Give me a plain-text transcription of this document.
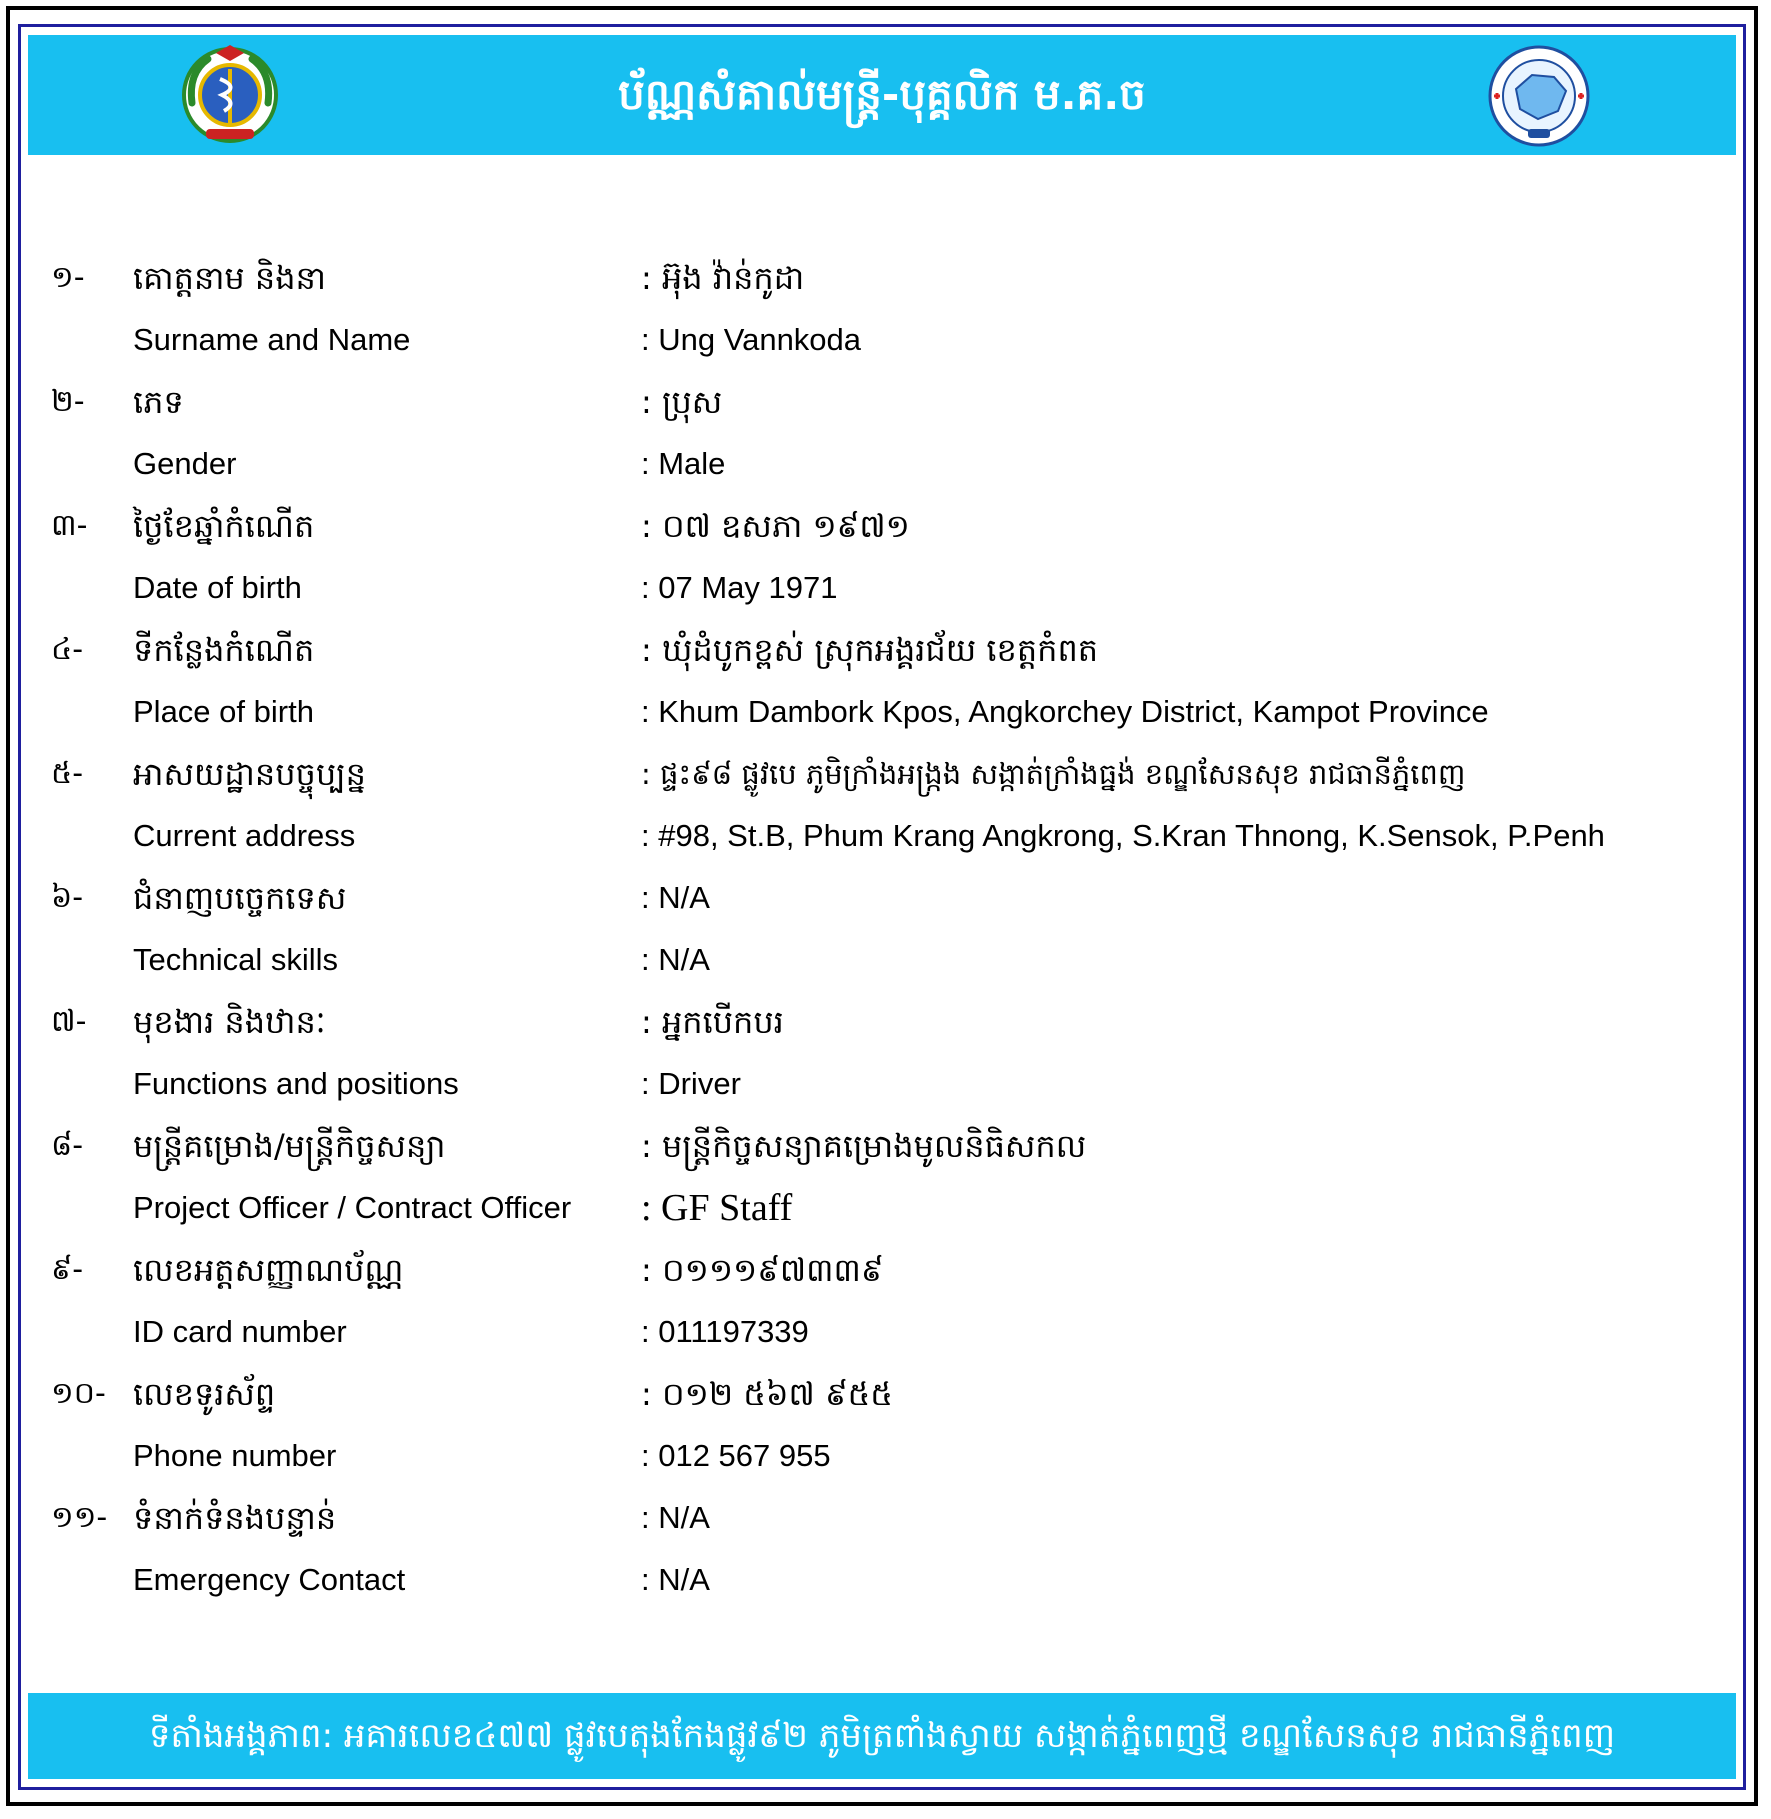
ប័ណ្ណសំគាល់មន្ត្រី-បុគ្គលិក ម.គ.ច
១- គោត្តនាម និងនា	: អ៊ុង វ៉ាន់កូដា
Surname and Name	: Ung Vannkoda
២- ភេទ	: ប្រុស
Gender	: Male
៣- ថ្ងៃខែឆ្នាំកំណើត	: ០៧ ឧសភា ១៩៧១
Date of birth	: 07 May 1971
៤- ទីកន្លែងកំណើត	: ឃុំដំបូកខ្ពស់ ស្រុកអង្គរជ័យ ខេត្តកំពត
Place of birth	: Khum Dambork Kpos, Angkorchey District, Kampot Province
៥- អាសយដ្ឋានបច្ចុប្បន្ន	: ផ្ទះ៩៨ ផ្លូវបេ ភូមិក្រាំងអង្រ្កង សង្កាត់ក្រាំងធ្នង់ ខណ្ឌសែនសុខ រាជធានីភ្នំពេញ
Current address	: #98, St.B, Phum Krang Angkrong, S.Kran Thnong, K.Sensok, P.Penh
៦- ជំនាញបច្ចេកទេស	: N/A
Technical skills	: N/A
៧- មុខងារ និងឋានៈ	: អ្នកបើកបរ
Functions and positions	: Driver
៨- មន្ត្រីគម្រោង/មន្ត្រីកិច្ចសន្យា	: មន្ត្រីកិច្ចសន្យាគម្រោងមូលនិធិសកល
Project Officer / Contract Officer : GF Staff
៩- លេខអត្តសញ្ញាណប័ណ្ណ	: ០១១១៩៧៣៣៩
ID card number	: 011197339
១០- លេខទូរស័ព្ទ	: ០១២ ៥៦៧ ៩៥៥
Phone number	: 012 567 955
១១- ទំនាក់ទំនងបន្ទាន់	: N/A
Emergency Contact	: N/A
ទីតាំងអង្គភាព: អគារលេខ៤៧៧ ផ្លូវបេតុងកែងផ្លូវ៩២ ភូមិត្រពាំងស្វាយ សង្កាត់ភ្នំពេញថ្មី ខណ្ឌសែនសុខ រាជធានីភ្នំពេញ
